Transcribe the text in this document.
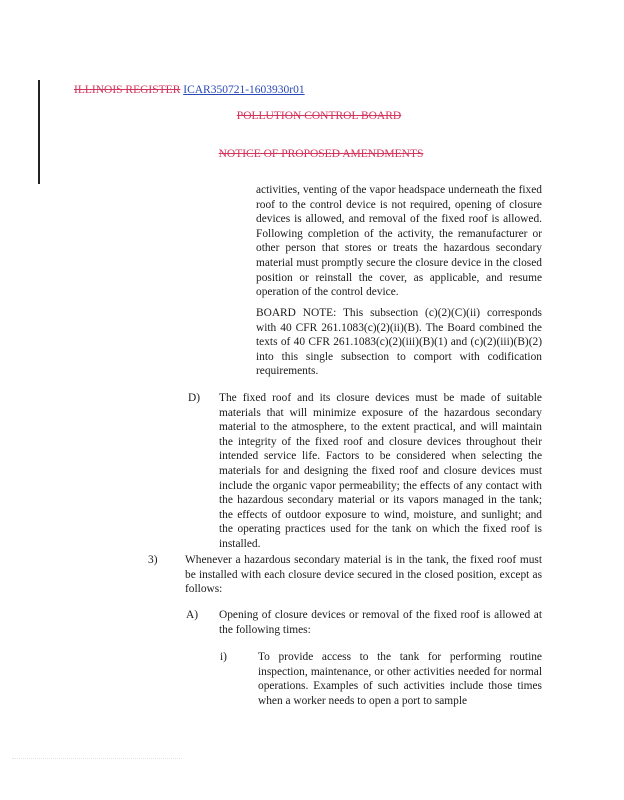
ILLINOIS REGISTER ICAR350721-1603930r01
POLLUTION CONTROL BOARD
NOTICE OF PROPOSED AMENDMENTS
activities, venting of the vapor headspace underneath the fixed roof to the control device is not required, opening of closure devices is allowed, and removal of the fixed roof is allowed. Following completion of the activity, the remanufacturer or other person that stores or treats the hazardous secondary material must promptly secure the closure device in the closed position or reinstall the cover, as applicable, and resume operation of the control device.
BOARD NOTE: This subsection (c)(2)(C)(ii) corresponds with 40 CFR 261.1083(c)(2)(ii)(B). The Board combined the texts of 40 CFR 261.1083(c)(2)(iii)(B)(1) and (c)(2)(iii)(B)(2) into this single subsection to comport with codification requirements.
D) The fixed roof and its closure devices must be made of suitable materials that will minimize exposure of the hazardous secondary material to the atmosphere, to the extent practical, and will maintain the integrity of the fixed roof and closure devices throughout their intended service life. Factors to be considered when selecting the materials for and designing the fixed roof and closure devices must include the organic vapor permeability; the effects of any contact with the hazardous secondary material or its vapors managed in the tank; the effects of outdoor exposure to wind, moisture, and sunlight; and the operating practices used for the tank on which the fixed roof is installed.
3) Whenever a hazardous secondary material is in the tank, the fixed roof must be installed with each closure device secured in the closed position, except as follows:
A) Opening of closure devices or removal of the fixed roof is allowed at the following times:
i)	To provide access to the tank for performing routine inspection, maintenance, or other activities needed for normal operations. Examples of such activities include those times when a worker needs to open a port to sample
